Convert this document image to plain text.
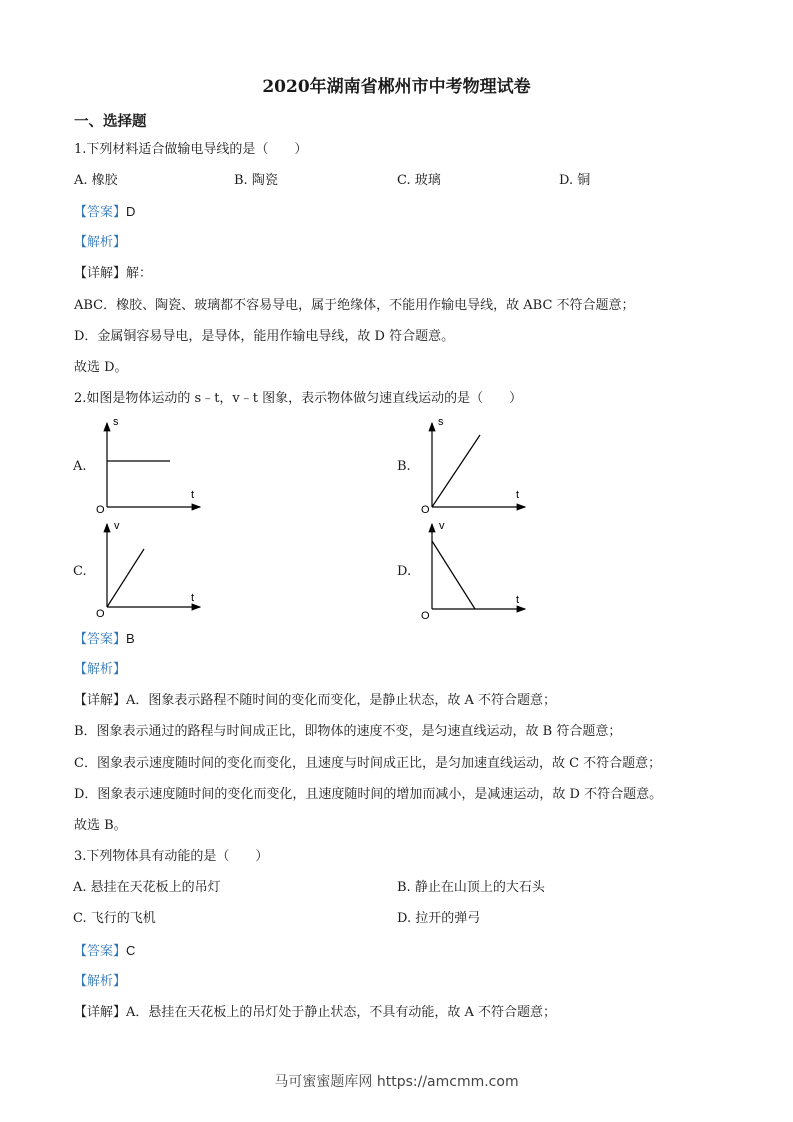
2020年湖南省郴州市中考物理试卷
一、选择题
1.下列材料适合做输电导线的是（　　）
A. 橡胶	B. 陶瓷	C. 玻璃	D. 铜
【答案】D
【解析】
【详解】解：
ABC．橡胶、陶瓷、玻璃都不容易导电，属于绝缘体，不能用作输电导线，故 ABC 不符合题意；
D．金属铜容易导电，是导体，能用作输电导线，故 D 符合题意。
故选 D。
2.如图是物体运动的 s﹣t，v﹣t 图象，表示物体做匀速直线运动的是（　　）
A.
s
t
O
B.
s
t
O
C.
v
t
O
D.
v
t
O
【答案】B
【解析】
【详解】A．图象表示路程不随时间的变化而变化，是静止状态，故 A 不符合题意；
B．图象表示通过的路程与时间成正比，即物体的速度不变，是匀速直线运动，故 B 符合题意；
C．图象表示速度随时间的变化而变化，且速度与时间成正比，是匀加速直线运动，故 C 不符合题意；
D．图象表示速度随时间的变化而变化，且速度随时间的增加而减小，是减速运动，故 D 不符合题意。
故选 B。
3.下列物体具有动能的是（　　）
A. 悬挂在天花板上的吊灯	B. 静止在山顶上的大石头
C. 飞行的飞机	D. 拉开的弹弓
【答案】C
【解析】
【详解】A．悬挂在天花板上的吊灯处于静止状态，不具有动能，故 A 不符合题意；
马可蜜蜜题库网 https://amcmm.com
